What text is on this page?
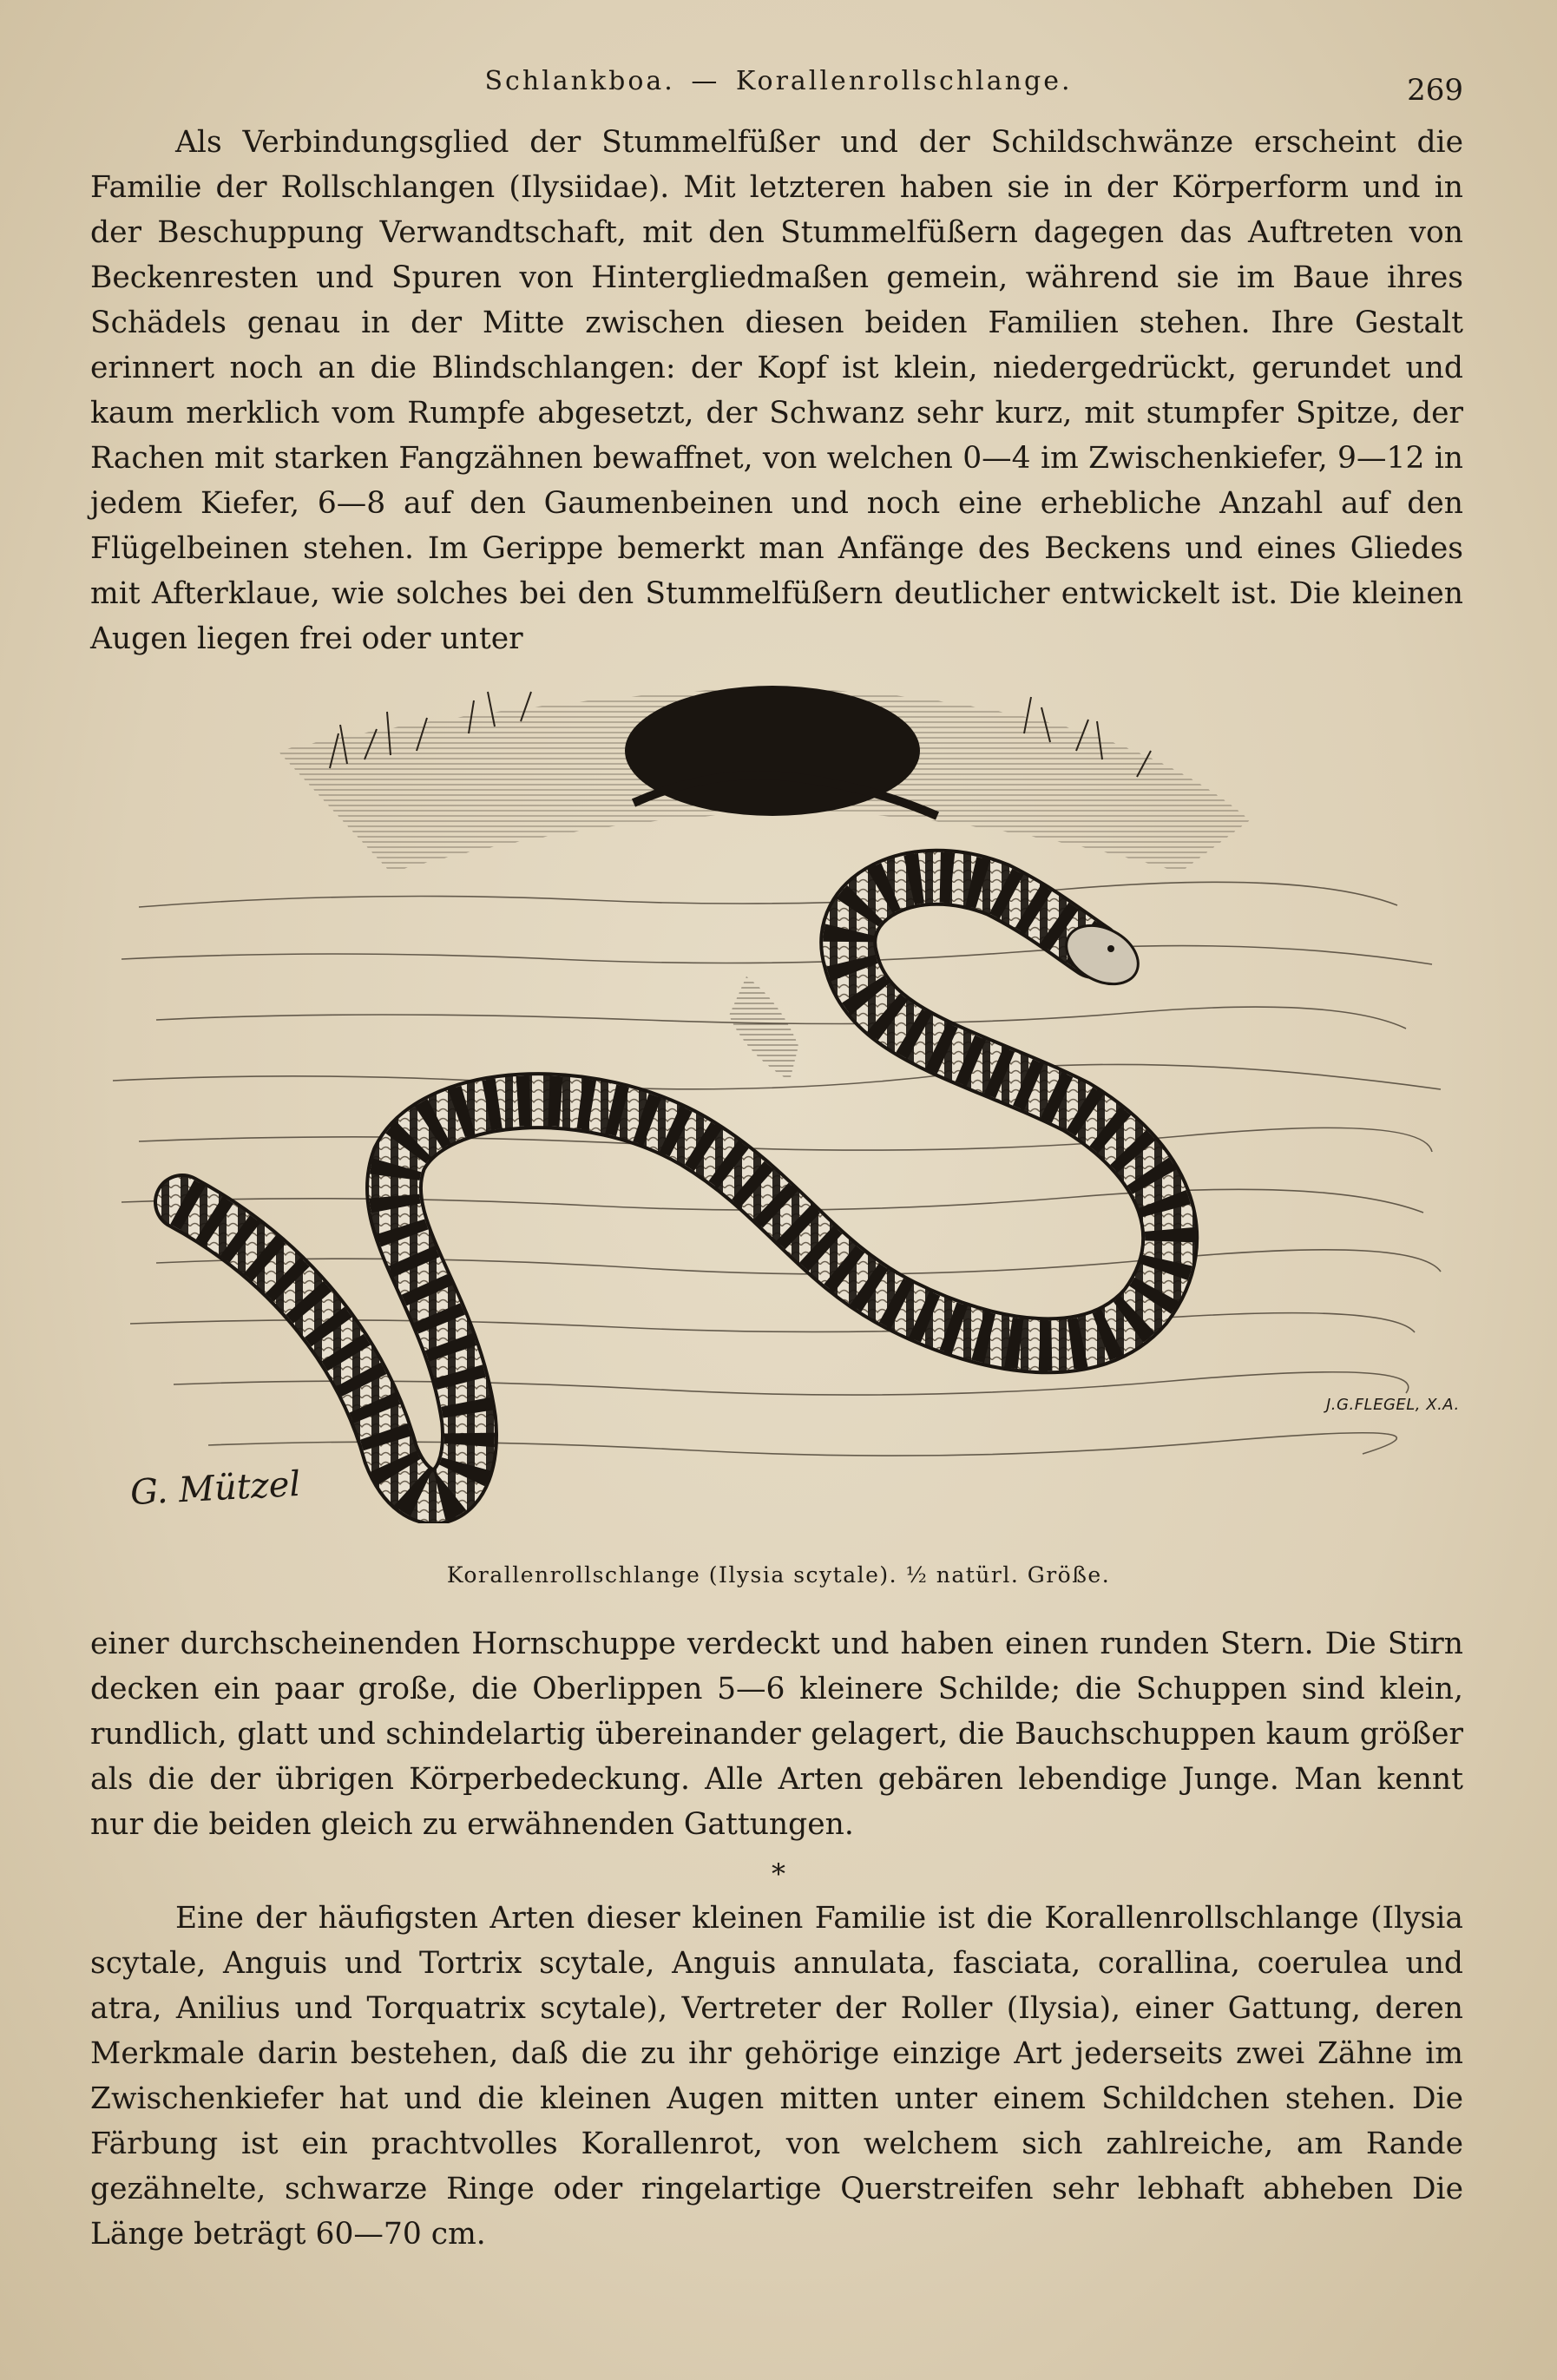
Schlankboa. — Korallenrollschlange.	269

Als Verbindungsglied der Stummelfüßer und der Schildschwänze erscheint die Familie der Rollschlangen (Ilysiidae). Mit letzteren haben sie in der Körperform und in der Beschuppung Verwandtschaft, mit den Stummelfüßern dagegen das Auftreten von Beckenresten und Spuren von Hintergliedmaßen gemein, während sie im Baue ihres Schädels genau in der Mitte zwischen diesen beiden Familien stehen. Ihre Gestalt erinnert noch an die Blindschlangen: der Kopf ist klein, niedergedrückt, gerundet und kaum merklich vom Rumpfe abgesetzt, der Schwanz sehr kurz, mit stumpfer Spitze, der Rachen mit starken Fangzähnen bewaffnet, von welchen 0—4 im Zwischenkiefer, 9—12 in jedem Kiefer, 6—8 auf den Gaumenbeinen und noch eine erhebliche Anzahl auf den Flügelbeinen stehen. Im Gerippe bemerkt man Anfänge des Beckens und eines Gliedes mit Afterklaue, wie solches bei den Stummelfüßern deutlicher entwickelt ist. Die kleinen Augen liegen frei oder unter

G. Mützel
J.G.FLEGEL, X.A.
Korallenrollschlange (Ilysia scytale). ½ natürl. Größe.

einer durchscheinenden Hornschuppe verdeckt und haben einen runden Stern. Die Stirn decken ein paar große, die Oberlippen 5—6 kleinere Schilde; die Schuppen sind klein, rundlich, glatt und schindelartig übereinander gelagert, die Bauchschuppen kaum größer als die der übrigen Körperbedeckung. Alle Arten gebären lebendige Junge. Man kennt nur die beiden gleich zu erwähnenden Gattungen.

*

Eine der häufigsten Arten dieser kleinen Familie ist die Korallenrollschlange (Ilysia scytale, Anguis und Tortrix scytale, Anguis annulata, fasciata, corallina, coerulea und atra, Anilius und Torquatrix scytale), Vertreter der Roller (Ilysia), einer Gattung, deren Merkmale darin bestehen, daß die zu ihr gehörige einzige Art jederseits zwei Zähne im Zwischenkiefer hat und die kleinen Augen mitten unter einem Schildchen stehen. Die Färbung ist ein prachtvolles Korallenrot, von welchem sich zahlreiche, am Rande gezähnelte, schwarze Ringe oder ringelartige Querstreifen sehr lebhaft abheben Die Länge beträgt 60—70 cm.
